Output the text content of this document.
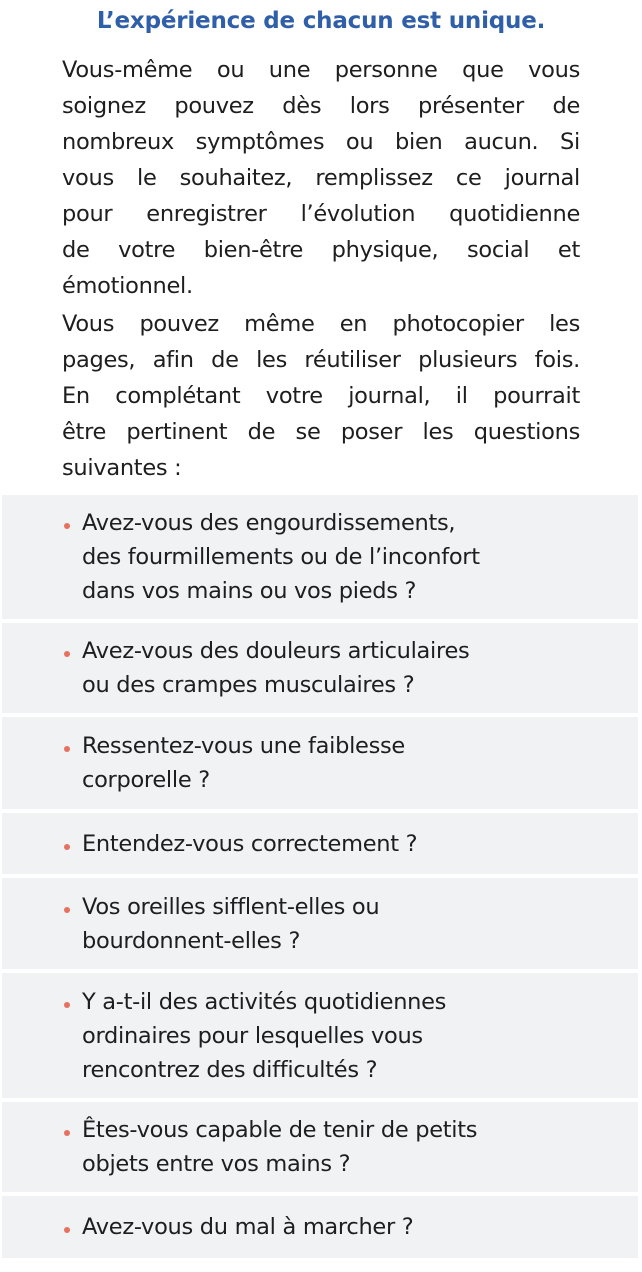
L’expérience de chacun est unique.
Vous-même ou une personne que vous
soignez pouvez dès lors présenter de
nombreux symptômes ou bien aucun. Si
vous le souhaitez, remplissez ce journal
pour enregistrer l’évolution quotidienne
de votre bien-être physique, social et
émotionnel.
Vous pouvez même en photocopier les
pages, afin de les réutiliser plusieurs fois.
En complétant votre journal, il pourrait
être pertinent de se poser les questions
suivantes :
Avez-vous des engourdissements,
des fourmillements ou de l’inconfort
dans vos mains ou vos pieds ?
Avez-vous des douleurs articulaires
ou des crampes musculaires ?
Ressentez-vous une faiblesse
corporelle ?
Entendez-vous correctement ?
Vos oreilles sifflent-elles ou
bourdonnent-elles ?
Y a-t-il des activités quotidiennes
ordinaires pour lesquelles vous
rencontrez des difficultés ?
Êtes-vous capable de tenir de petits
objets entre vos mains ?
Avez-vous du mal à marcher ?
